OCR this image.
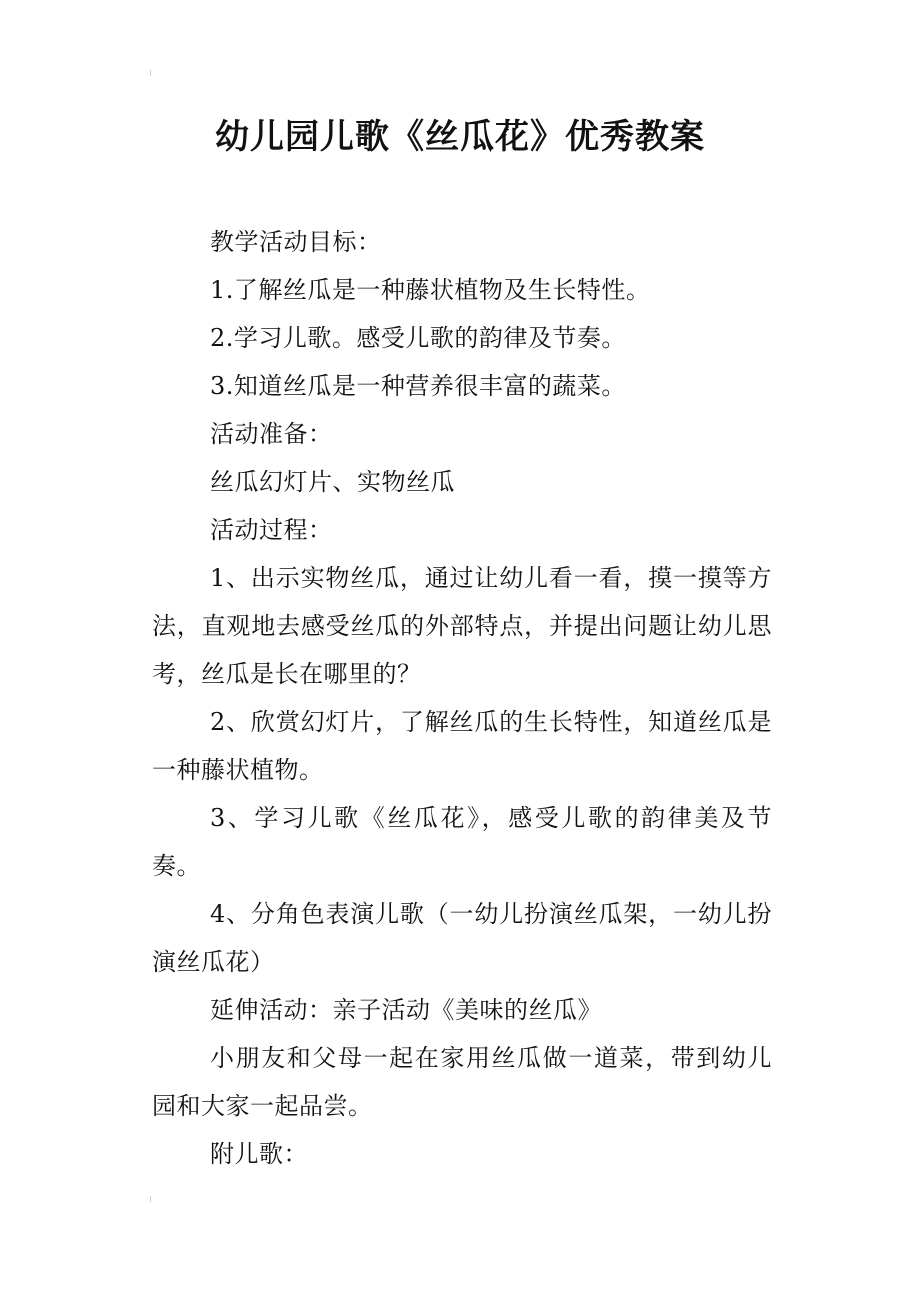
幼儿园儿歌《丝瓜花》优秀教案

教学活动目标：

1.了解丝瓜是一种藤状植物及生长特性。

2.学习儿歌。感受儿歌的韵律及节奏。

3.知道丝瓜是一种营养很丰富的蔬菜。

活动准备：

丝瓜幻灯片、实物丝瓜

活动过程：

1、出示实物丝瓜，通过让幼儿看一看，摸一摸等方法，直观地去感受丝瓜的外部特点，并提出问题让幼儿思考，丝瓜是长在哪里的？

2、欣赏幻灯片，了解丝瓜的生长特性，知道丝瓜是一种藤状植物。

3、学习儿歌《丝瓜花》，感受儿歌的韵律美及节奏。

4、分角色表演儿歌（一幼儿扮演丝瓜架，一幼儿扮演丝瓜花）

延伸活动：亲子活动《美味的丝瓜》

小朋友和父母一起在家用丝瓜做一道菜，带到幼儿园和大家一起品尝。

附儿歌：
